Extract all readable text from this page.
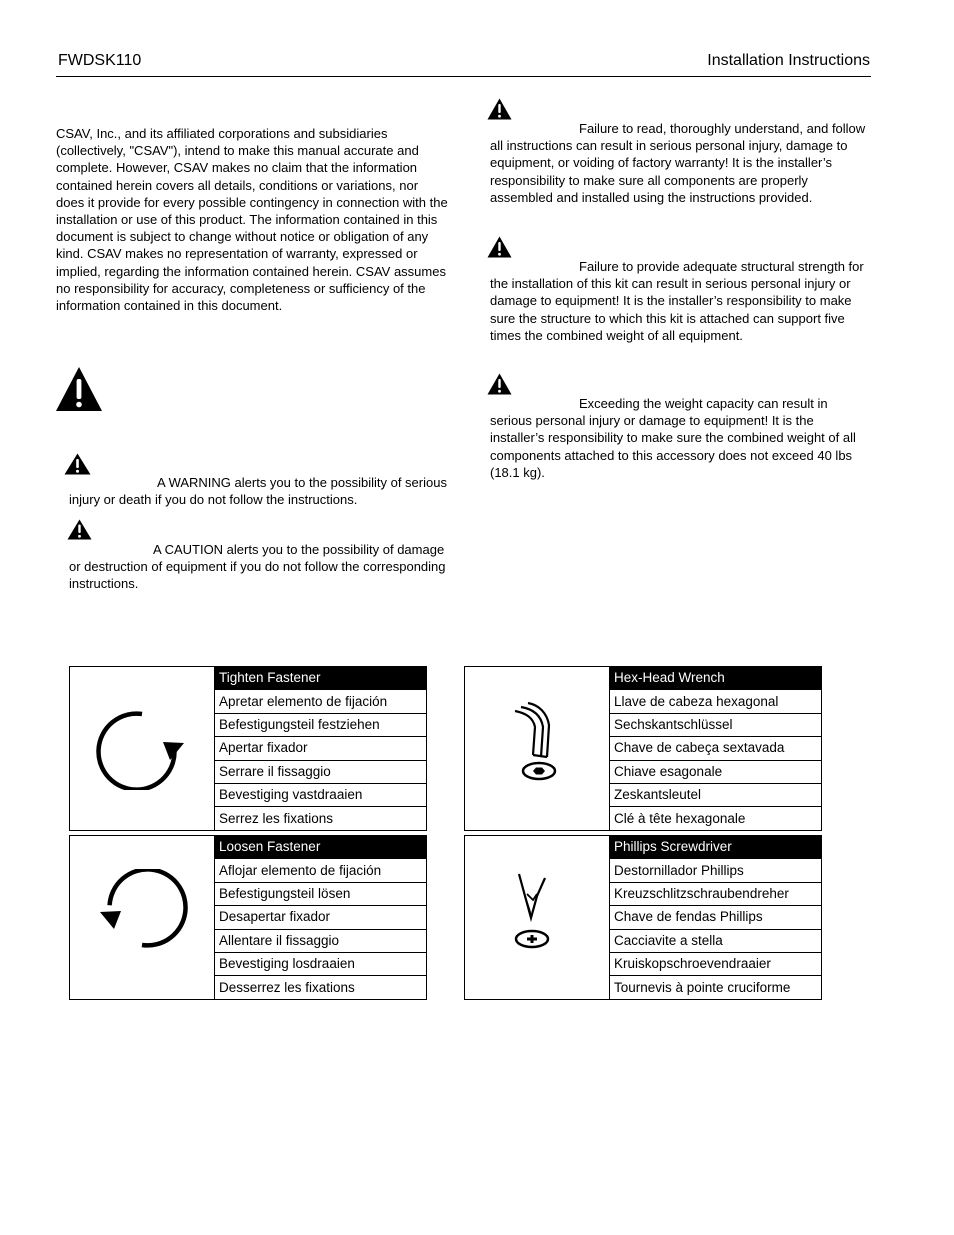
FWDSK110	Installation Instructions

CSAV, Inc., and its affiliated corporations and subsidiaries (collectively, "CSAV"), intend to make this manual accurate and complete. However, CSAV makes no claim that the information contained herein covers all details, conditions or variations, nor does it provide for every possible contingency in connection with the installation or use of this product. The information contained in this document is subject to change without notice or obligation of any kind. CSAV makes no representation of warranty, expressed or implied, regarding the information contained herein. CSAV assumes no responsibility for accuracy, completeness or sufficiency of the information contained in this document.

A WARNING alerts you to the possibility of serious injury or death if you do not follow the instructions.

A CAUTION alerts you to the possibility of damage or destruction of equipment if you do not follow the corresponding instructions.

Failure to read, thoroughly understand, and follow all instructions can result in serious personal injury, damage to equipment, or voiding of factory warranty! It is the installer’s responsibility to make sure all components are properly assembled and installed using the instructions provided.

Failure to provide adequate structural strength for the installation of this kit can result in serious personal injury or damage to equipment! It is the installer’s responsibility to make sure the structure to which this kit is attached can support five times the combined weight of all equipment.

Exceeding the weight capacity can result in serious personal injury or damage to equipment! It is the installer’s responsibility to make sure the combined weight of all components attached to this accessory does not exceed 40 lbs (18.1 kg).

	Tighten Fastener
Apretar elemento de fijación
Befestigungsteil festziehen
Apertar fixador
Serrare il fissaggio
Bevestiging vastdraaien
Serrez les fixations
	Hex-Head Wrench
Llave de cabeza hexagonal
Sechskantschlüssel
Chave de cabeça sextavada
Chiave esagonale
Zeskantsleutel
Clé à tête hexagonale
	Loosen Fastener
Aflojar elemento de fijación
Befestigungsteil lösen
Desapertar fixador
Allentare il fissaggio
Bevestiging losdraaien
Desserrez les fixations
	Phillips Screwdriver
Destornillador Phillips
Kreuzschlitzschraubendreher
Chave de fendas Phillips
Cacciavite a stella
Kruiskopschroevendraaier
Tournevis à pointe cruciforme
